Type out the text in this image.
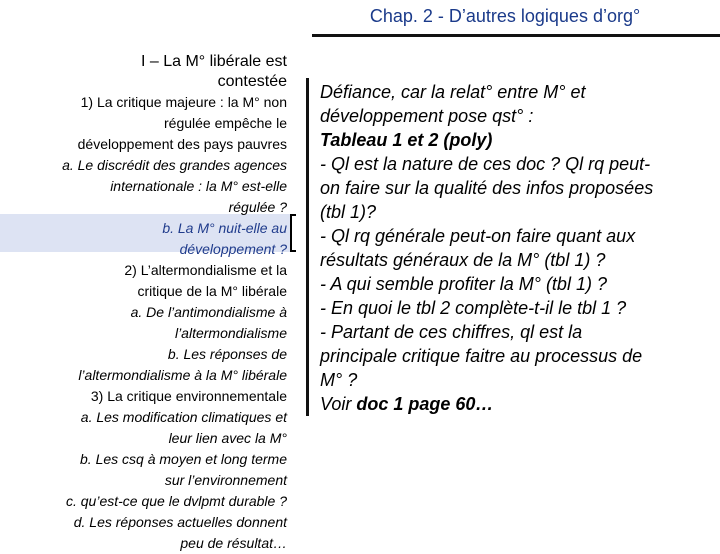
Chap. 2 - D’autres logiques d’org°
I – La M° libérale est
contestée
1) La critique majeure : la M° non
régulée empêche le
développement des pays pauvres
a. Le discrédit des grandes agences
internationale : la M° est-elle
régulée ?
b. La M° nuit-elle au
développement ?
2) L’altermondialisme et la
critique de la M° libérale
a. De l’antimondialisme à
l’altermondialisme
b. Les réponses de
l’altermondialisme à la M° libérale
3) La critique environnementale
a. Les modification climatiques et
leur lien avec la M°
b. Les csq à moyen et long terme
sur l’environnement
c. qu’est-ce que le dvlpmt durable ?
d. Les réponses actuelles donnent
peu de résultat…
Défiance, car la relat° entre M° et
développement pose qst° :
Tableau 1 et 2 (poly)
- Ql est la nature de ces doc ? Ql rq peut-
on faire sur la qualité des infos proposées
(tbl 1)?
- Ql rq générale peut-on faire quant aux
résultats généraux de la M° (tbl 1) ?
- A qui semble profiter la M° (tbl 1) ?
- En quoi le tbl 2 complète-t-il le tbl 1 ?
- Partant de ces chiffres, ql est la
principale critique faitre au processus de
M° ?
Voir doc 1 page 60…
